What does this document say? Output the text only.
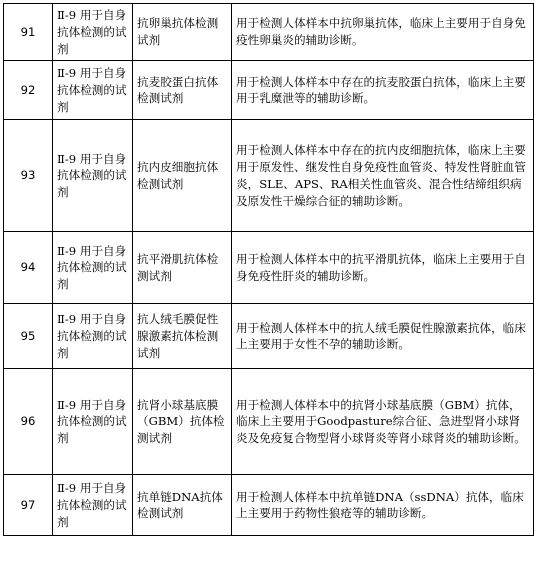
91	Ⅱ-9 用于自身抗体检测的试剂	抗卵巢抗体检测试剂	用于检测人体样本中抗卵巢抗体，临床上主要用于自身免疫性卵巢炎的辅助诊断。
92	Ⅱ-9 用于自身抗体检测的试剂	抗麦胶蛋白抗体检测试剂	用于检测人体样本中存在的抗麦胶蛋白抗体，临床上主要用于乳糜泄等的辅助诊断。
93	Ⅱ-9 用于自身抗体检测的试剂	抗内皮细胞抗体检测试剂	用于检测人体样本中存在的抗内皮细胞抗体，临床上主要用于原发性、继发性自身免疫性血管炎、特发性肾脏血管炎，SLE、APS、RA相关性血管炎、混合性结缔组织病及原发性干燥综合征的辅助诊断。
94	Ⅱ-9 用于自身抗体检测的试剂	抗平滑肌抗体检测试剂	用于检测人体样本中的抗平滑肌抗体，临床上主要用于自身免疫性肝炎的辅助诊断。
95	Ⅱ-9 用于自身抗体检测的试剂	抗人绒毛膜促性腺激素抗体检测试剂	用于检测人体样本中的抗人绒毛膜促性腺激素抗体，临床上主要用于女性不孕的辅助诊断。
96	Ⅱ-9 用于自身抗体检测的试剂	抗肾小球基底膜（GBM）抗体检测试剂	用于检测人体样本中的抗肾小球基底膜（GBM）抗体，临床上主要用于Goodpasture综合征、急进型肾小球肾炎及免疫复合物型肾小球肾炎等肾小球肾炎的辅助诊断。
97	Ⅱ-9 用于自身抗体检测的试剂	抗单链DNA抗体检测试剂	用于检测人体样本中抗单链DNA（ssDNA）抗体，临床上主要用于药物性狼疮等的辅助诊断。
